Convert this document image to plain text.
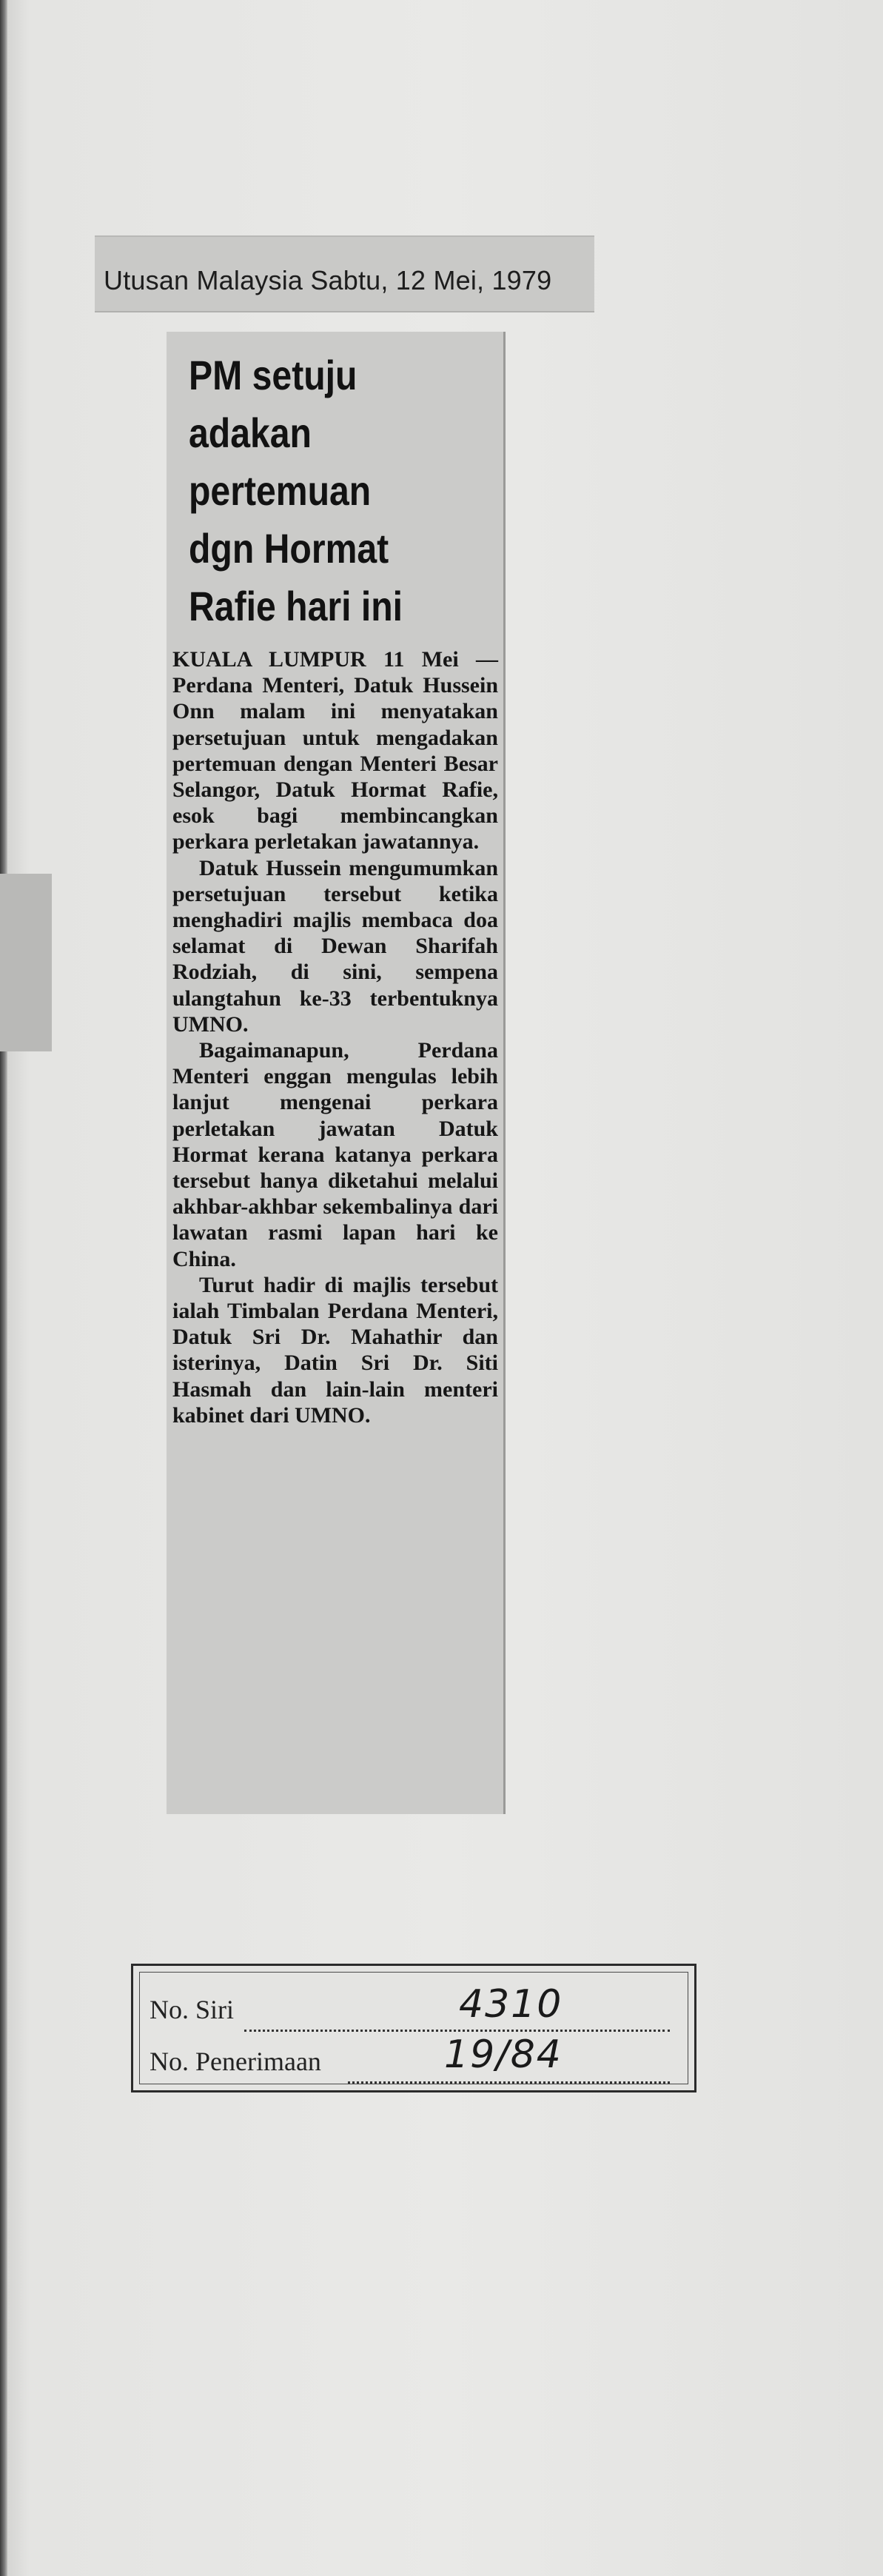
Utusan Malaysia Sabtu, 12 Mei, 1979
PM setuju
adakan
pertemuan
dgn Hormat
Rafie hari ini

KUALA LUMPUR 11 Mei — Perdana Menteri, Datuk Hussein Onn malam ini menyatakan persetujuan untuk mengadakan pertemuan dengan Menteri Besar Selangor, Datuk Hormat Rafie, esok bagi membincangkan perkara perletakan jawatannya.

Datuk Hussein mengumumkan persetujuan tersebut ketika menghadiri majlis membaca doa selamat di Dewan Sharifah Rodziah, di sini, sempena ulangtahun ke-33 terbentuknya UMNO.

Bagaimanapun, Perdana Menteri enggan mengulas lebih lanjut mengenai perkara perletakan jawatan Datuk Hormat kerana katanya perkara tersebut hanya diketahui melalui akhbar-akhbar sekembalinya dari lawatan rasmi lapan hari ke China.

Turut hadir di majlis tersebut ialah Timbalan Perdana Menteri, Datuk Sri Dr. Mahathir dan isterinya, Datin Sri Dr. Siti Hasmah dan lain-lain menteri kabinet dari UMNO.

No. Siri	4310
No. Penerimaan	19/84
